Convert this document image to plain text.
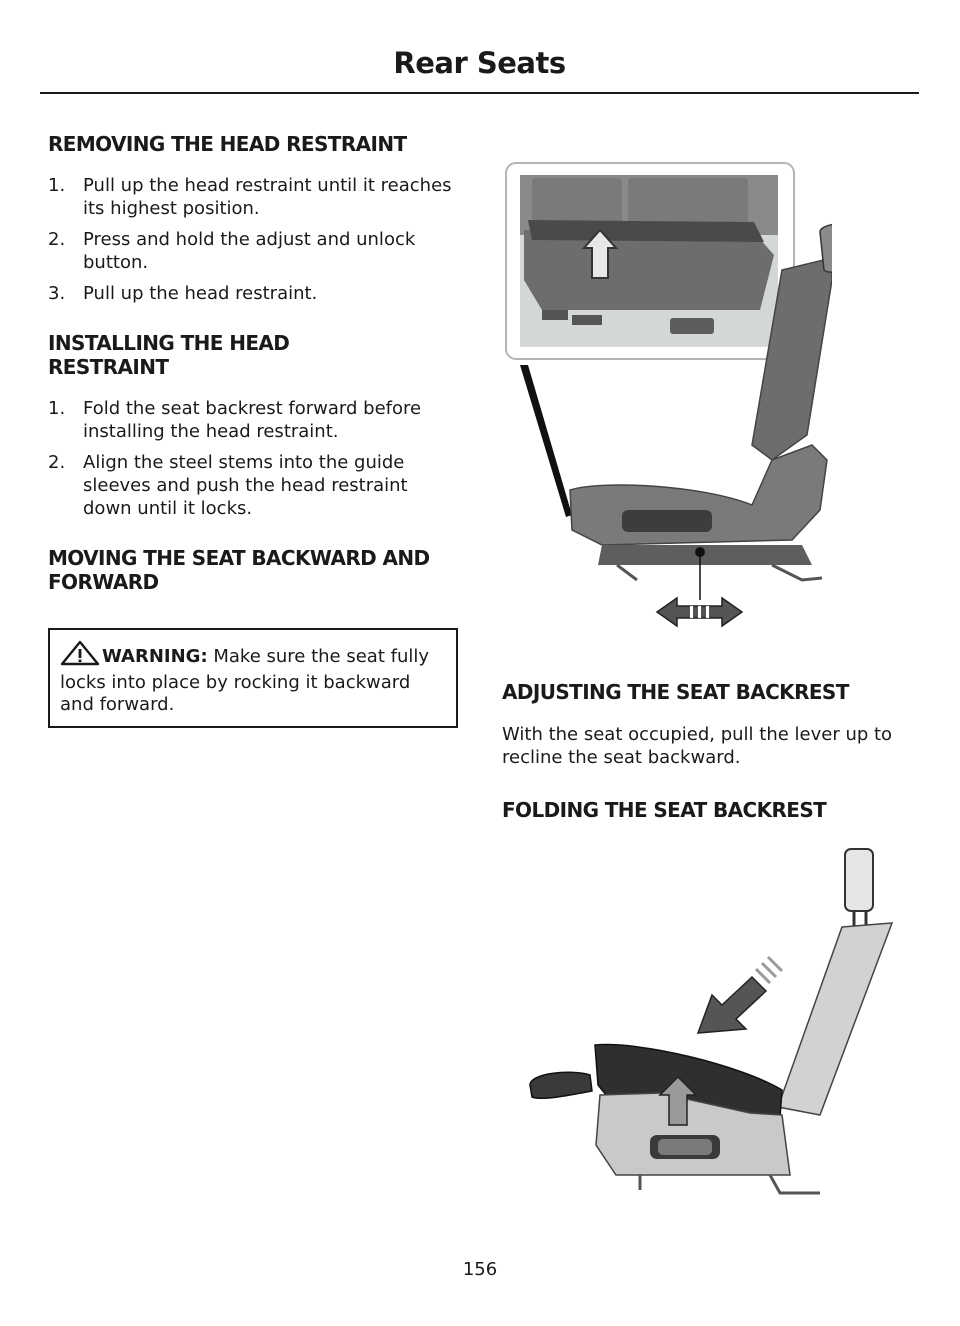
Rear Seats
REMOVING THE HEAD RESTRAINT
1. Pull up the head restraint until it reaches its highest position.
2. Press and hold the adjust and unlock button.
3. Pull up the head restraint.
INSTALLING THE HEAD RESTRAINT
1. Fold the seat backrest forward before installing the head restraint.
2. Align the steel stems into the guide sleeves and push the head restraint down until it locks.
MOVING THE SEAT BACKWARD AND FORWARD
WARNING: Make sure the seat fully locks into place by rocking it backward and forward.
ADJUSTING THE SEAT BACKREST

With the seat occupied, pull the lever up to recline the seat backward.

FOLDING THE SEAT BACKREST
156
